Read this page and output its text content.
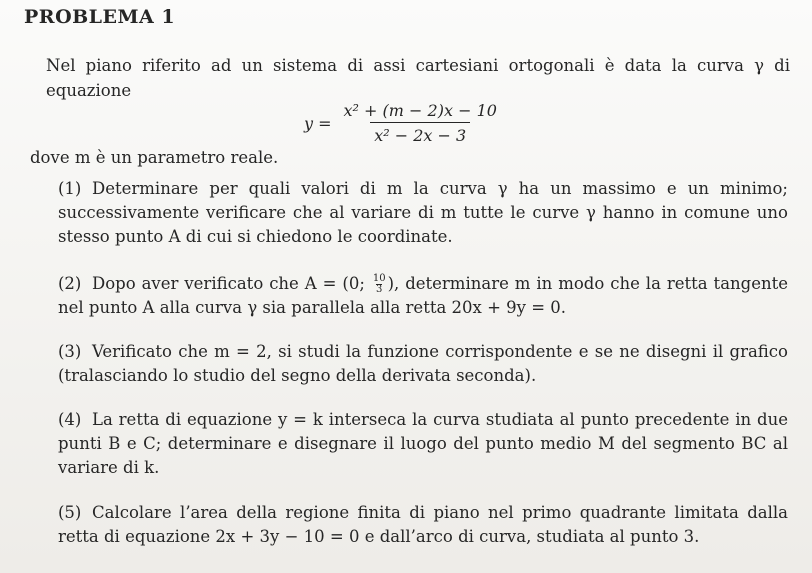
PROBLEMA 1
Nel piano riferito ad un sistema di assi cartesiani ortogonali è data la curva γ di equazione
$y = \frac{\text{x² + (m − 2)x − 10}}{\text{x² − 2x − 3}}$
dove m è un parametro reale.
(1) Determinare per quali valori di m la curva γ ha un massimo e un minimo; successivamente verificare che al variare di m tutte le curve γ hanno in comune uno stesso punto A di cui si chiedono le coordinate.
(2) Dopo aver verificato che A = (0; $\frac{10}{3}$ ), determinare m in modo che la retta tangente nel punto A alla curva γ sia parallela alla retta 20x + 9y = 0.
(3) Verificato che m = 2, si studi la funzione corrispondente e se ne disegni il grafico (tralasciando lo studio del segno della derivata seconda).
(4) La retta di equazione y = k interseca la curva studiata al punto precedente in due punti B e C; determinare e disegnare il luogo del punto medio M del segmento BC al variare di k.
(5) Calcolare l’area della regione finita di piano nel primo quadrante limitata dalla retta di equazione 2x + 3y − 10 = 0 e dall’arco di curva, studiata al punto 3.
